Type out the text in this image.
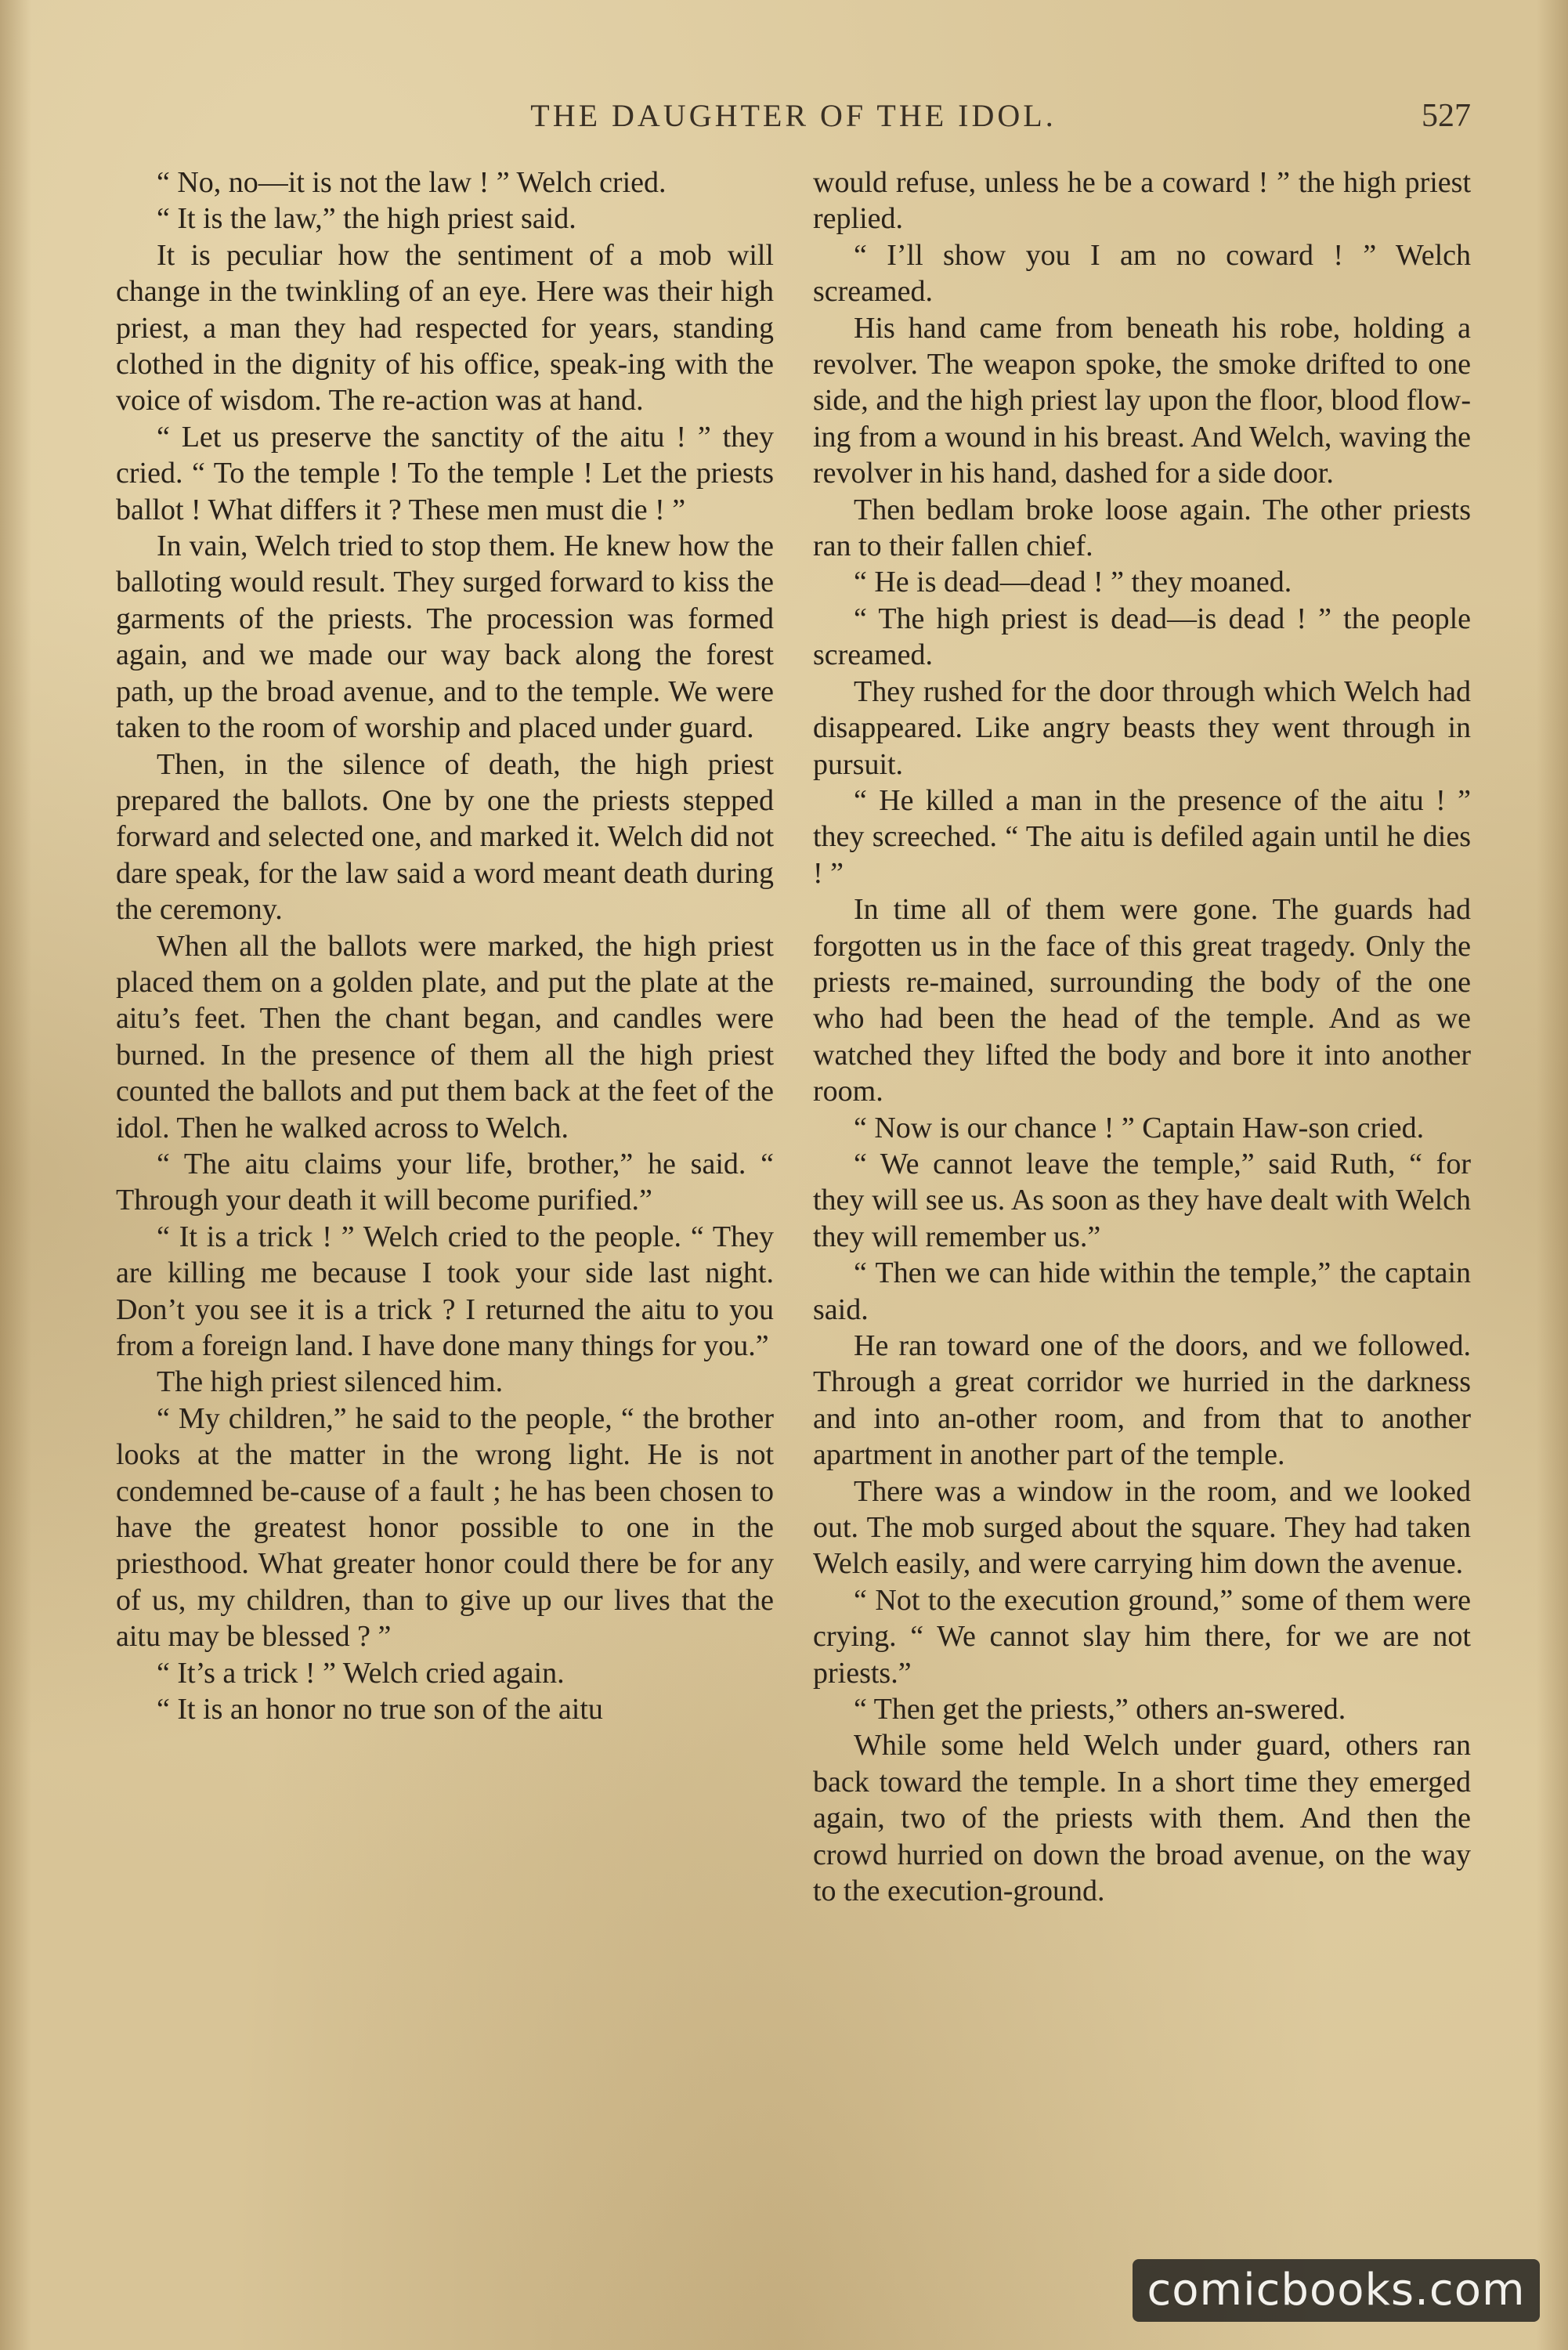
THE DAUGHTER OF THE IDOL.	527

“ No, no—it is not the law ! ” Welch cried.

“ It is the law,” the high priest said.

It is peculiar how the sentiment of a mob will change in the twinkling of an eye. Here was their high priest, a man they had respected for years, standing clothed in the dignity of his office, speak-ing with the voice of wisdom. The re-action was at hand.

“ Let us preserve the sanctity of the aitu ! ” they cried. “ To the temple ! To the temple ! Let the priests ballot ! What differs it ? These men must die ! ”

In vain, Welch tried to stop them. He knew how the balloting would result. They surged forward to kiss the garments of the priests. The procession was formed again, and we made our way back along the forest path, up the broad avenue, and to the temple. We were taken to the room of worship and placed under guard.

Then, in the silence of death, the high priest prepared the ballots. One by one the priests stepped forward and selected one, and marked it. Welch did not dare speak, for the law said a word meant death during the ceremony.

When all the ballots were marked, the high priest placed them on a golden plate, and put the plate at the aitu’s feet. Then the chant began, and candles were burned. In the presence of them all the high priest counted the ballots and put them back at the feet of the idol. Then he walked across to Welch.

“ The aitu claims your life, brother,” he said. “ Through your death it will become purified.”

“ It is a trick ! ” Welch cried to the people. “ They are killing me because I took your side last night. Don’t you see it is a trick ? I returned the aitu to you from a foreign land. I have done many things for you.”

The high priest silenced him.

“ My children,” he said to the people, “ the brother looks at the matter in the wrong light. He is not condemned be-cause of a fault ; he has been chosen to have the greatest honor possible to one in the priesthood. What greater honor could there be for any of us, my children, than to give up our lives that the aitu may be blessed ? ”

“ It’s a trick ! ” Welch cried again.

“ It is an honor no true son of the aitu

would refuse, unless he be a coward ! ” the high priest replied.

“ I’ll show you I am no coward ! ” Welch screamed.

His hand came from beneath his robe, holding a revolver. The weapon spoke, the smoke drifted to one side, and the high priest lay upon the floor, blood flow-ing from a wound in his breast. And Welch, waving the revolver in his hand, dashed for a side door.

Then bedlam broke loose again. The other priests ran to their fallen chief.

“ He is dead—dead ! ” they moaned.

“ The high priest is dead—is dead ! ” the people screamed.

They rushed for the door through which Welch had disappeared. Like angry beasts they went through in pursuit.

“ He killed a man in the presence of the aitu ! ” they screeched. “ The aitu is defiled again until he dies ! ”

In time all of them were gone. The guards had forgotten us in the face of this great tragedy. Only the priests re-mained, surrounding the body of the one who had been the head of the temple. And as we watched they lifted the body and bore it into another room.

“ Now is our chance ! ” Captain Haw-son cried.

“ We cannot leave the temple,” said Ruth, “ for they will see us. As soon as they have dealt with Welch they will remember us.”

“ Then we can hide within the temple,” the captain said.

He ran toward one of the doors, and we followed. Through a great corridor we hurried in the darkness and into an-other room, and from that to another apartment in another part of the temple.

There was a window in the room, and we looked out. The mob surged about the square. They had taken Welch easily, and were carrying him down the avenue.

“ Not to the execution ground,” some of them were crying. “ We cannot slay him there, for we are not priests.”

“ Then get the priests,” others an-swered.

While some held Welch under guard, others ran back toward the temple. In a short time they emerged again, two of the priests with them. And then the crowd hurried on down the broad avenue, on the way to the execution-ground.

comicbooks.com
